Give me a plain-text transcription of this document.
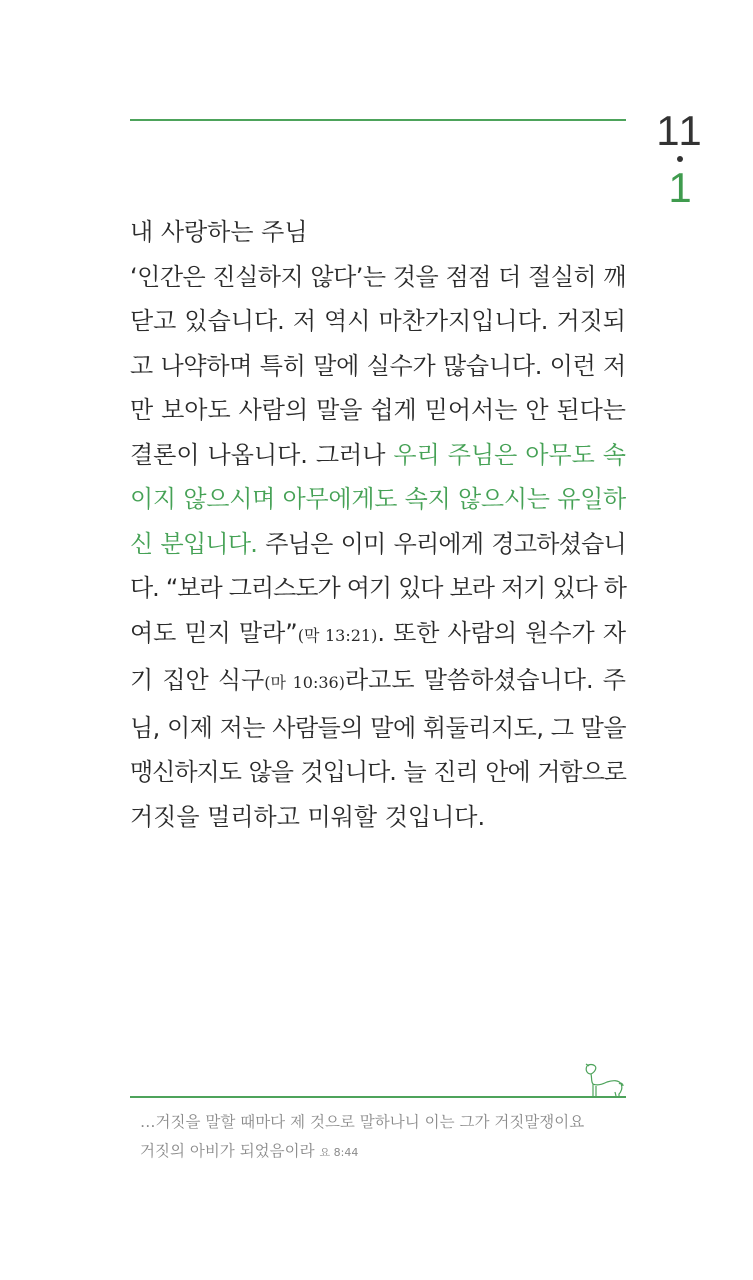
11
1
내 사랑하는 주님
‘인간은 진실하지 않다’는 것을 점점 더 절실히 깨
닫고 있습니다. 저 역시 마찬가지입니다. 거짓되
고 나약하며 특히 말에 실수가 많습니다. 이런 저
만 보아도 사람의 말을 쉽게 믿어서는 안 된다는
결론이 나옵니다. 그러나 우리 주님은 아무도 속
이지 않으시며 아무에게도 속지 않으시는 유일하
신 분입니다. 주님은 이미 우리에게 경고하셨습니
다. “보라 그리스도가 여기 있다 보라 저기 있다 하
여도 믿지 말라”(막 13:21). 또한 사람의 원수가 자
기 집안 식구(마 10:36)라고도 말씀하셨습니다. 주
님, 이제 저는 사람들의 말에 휘둘리지도, 그 말을
맹신하지도 않을 것입니다. 늘 진리 안에 거함으로
거짓을 멀리하고 미워할 것입니다.
…거짓을 말할 때마다 제 것으로 말하나니 이는 그가 거짓말쟁이요
거짓의 아비가 되었음이라 요 8:44
